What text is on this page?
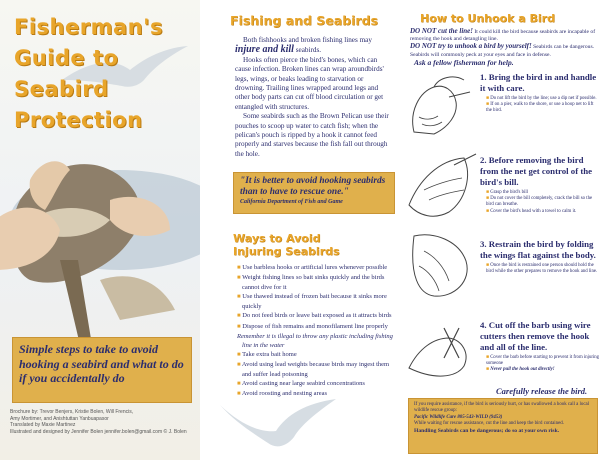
Fisherman's Guide to Seabird Protection

Simple steps to take to avoid hooking a seabird and what to do if you accidentally do

Brochure by: Trevor Benjers, Kristie Bolen, Will Frencis,
Amy Mortimer, and Anishtuttan Yanbuapasor
Translated by Maxie Martinez
Illustrated and designed by Jennifer Bolen jennifer.bolen@gmail.com © J. Bolen
Fishing and Seabirds

Both fishhooks and broken fishing lines may injure and kill seabirds.

Hooks often pierce the bird's bones, which can cause infection. Broken lines can wrap aroundbirds' legs, wings, or beaks leading to starvation or drowning. Trailing lines wrapped around legs and other body parts can cut off blood circulation or get entangled with structures.

Some seabirds such as the Brown Pelican use their pouches to scoop up water to catch fish; when the pelican's pouch is ripped by a hook it cannot feed properly and starves because the fish fall out through the hole.

"It is better to avoid hooking seabirds than to have to rescue one."
California Department of Fish and Game
Ways to Avoid
Injuring Seabirds
■ Use barbless hooks or artificial lures whenever possible
■ Weight fishing lines so bait sinks quickly and the birds cannot dive for it
■ Use thawed instead of frozen bait because it sinks more quickly
■ Do not feed birds or leave bait exposed as it attracts birds
■ Dispose of fish remains and monofilament line properly
Remember it is illegal to throw any plastic including fishing line in the water
■ Take extra bait home
■ Avoid using lead weights because birds may ingest them and suffer lead poisoning
■ Avoid casting near large seabird concentrations
■ Avoid roosting and nesting areas
How to Unhook a Bird
DO NOT cut the line! It could kill the bird because seabirds are incapable of removing the hook and detangling line.
DO NOT try to unhook a bird by yourself! Seabirds can be dangerous. Seabirds will commonly peck at your eyes and face in defense.
Ask a fellow fisherman for help.
1. Bring the bird in and handle it with care.
■ Do not lift the bird by the line; use a dip net if possible.
■ If on a pier, walk to the shore, or use a hoop net to lift the bird.
2. Before removing the bird from the net get control of the bird's bill.
■ Grasp the bird's bill
■ Do not cover the bill completely, crack the bill so the bird can breathe.
■ Cover the bird's head with a towel to calm it.
3. Restrain the bird by folding the wings flat against the body.
■ Once the bird is restrained one person should hold the bird while the other prepares to remove the hook and line.
4. Cut off the barb using wire cutters then remove the hook and all of the line.
■ Cover the barb before starting to prevent it from injuring someone
■ Never pull the hook out directly!
Carefully release the bird.
If you require assistance, if the bird is seriously hurt, or has swallowed a hook call a local wildlife rescue group:
Pacific Wildlife Care 805-543-WILD (9453)
While waiting for rescue assistance, cut the line and keep the bird contained.
Handling Seabirds can be dangerous; do so at your own risk.
